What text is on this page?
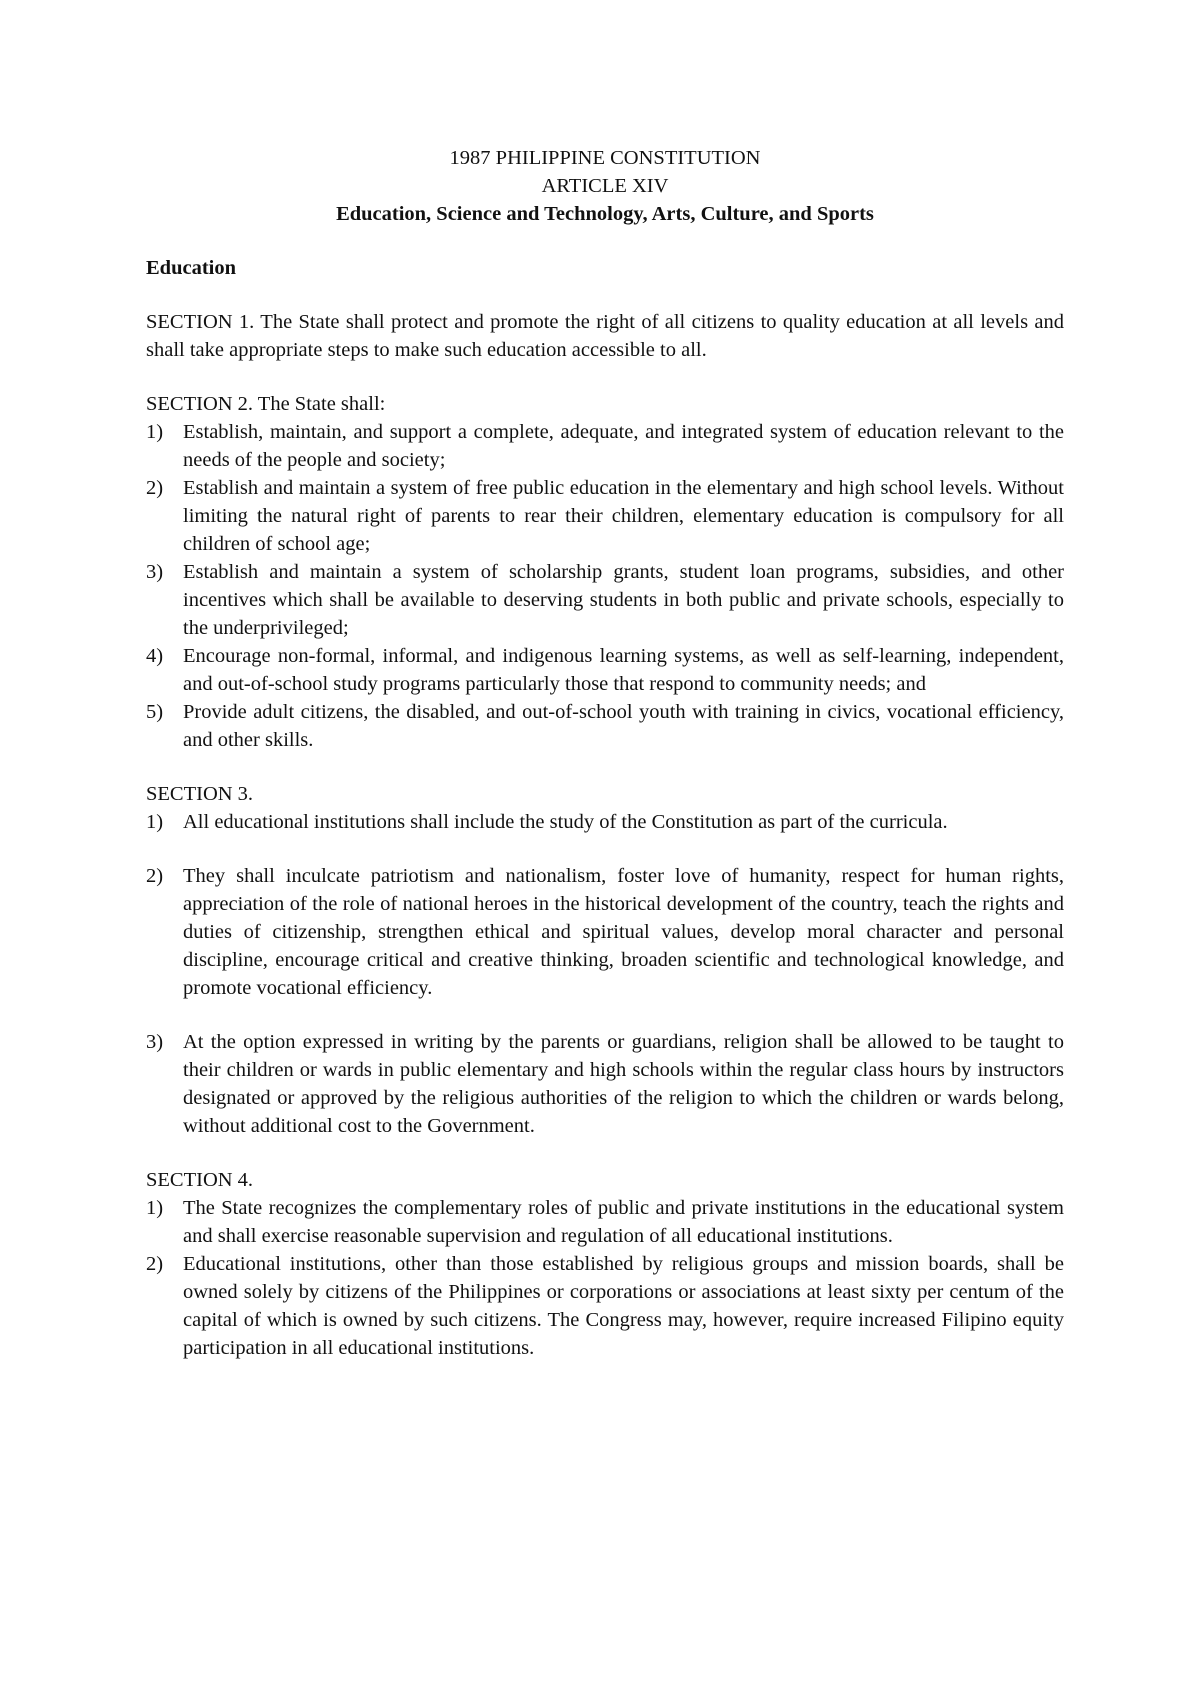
1987 PHILIPPINE CONSTITUTION
ARTICLE XIV
Education, Science and Technology, Arts, Culture, and Sports
Education
SECTION 1. The State shall protect and promote the right of all citizens to quality education at all levels and shall take appropriate steps to make such education accessible to all.
SECTION 2. The State shall:
1) Establish, maintain, and support a complete, adequate, and integrated system of education relevant to the needs of the people and society;
2) Establish and maintain a system of free public education in the elementary and high school levels. Without limiting the natural right of parents to rear their children, elementary education is compulsory for all children of school age;
3) Establish and maintain a system of scholarship grants, student loan programs, subsidies, and other incentives which shall be available to deserving students in both public and private schools, especially to the underprivileged;
4) Encourage non-formal, informal, and indigenous learning systems, as well as self-learning, independent, and out-of-school study programs particularly those that respond to community needs; and
5) Provide adult citizens, the disabled, and out-of-school youth with training in civics, vocational efficiency, and other skills.
SECTION 3.
1) All educational institutions shall include the study of the Constitution as part of the curricula.
2) They shall inculcate patriotism and nationalism, foster love of humanity, respect for human rights, appreciation of the role of national heroes in the historical development of the country, teach the rights and duties of citizenship, strengthen ethical and spiritual values, develop moral character and personal discipline, encourage critical and creative thinking, broaden scientific and technological knowledge, and promote vocational efficiency.
3) At the option expressed in writing by the parents or guardians, religion shall be allowed to be taught to their children or wards in public elementary and high schools within the regular class hours by instructors designated or approved by the religious authorities of the religion to which the children or wards belong, without additional cost to the Government.
SECTION 4.
1) The State recognizes the complementary roles of public and private institutions in the educational system and shall exercise reasonable supervision and regulation of all educational institutions.
2) Educational institutions, other than those established by religious groups and mission boards, shall be owned solely by citizens of the Philippines or corporations or associations at least sixty per centum of the capital of which is owned by such citizens. The Congress may, however, require increased Filipino equity participation in all educational institutions.
